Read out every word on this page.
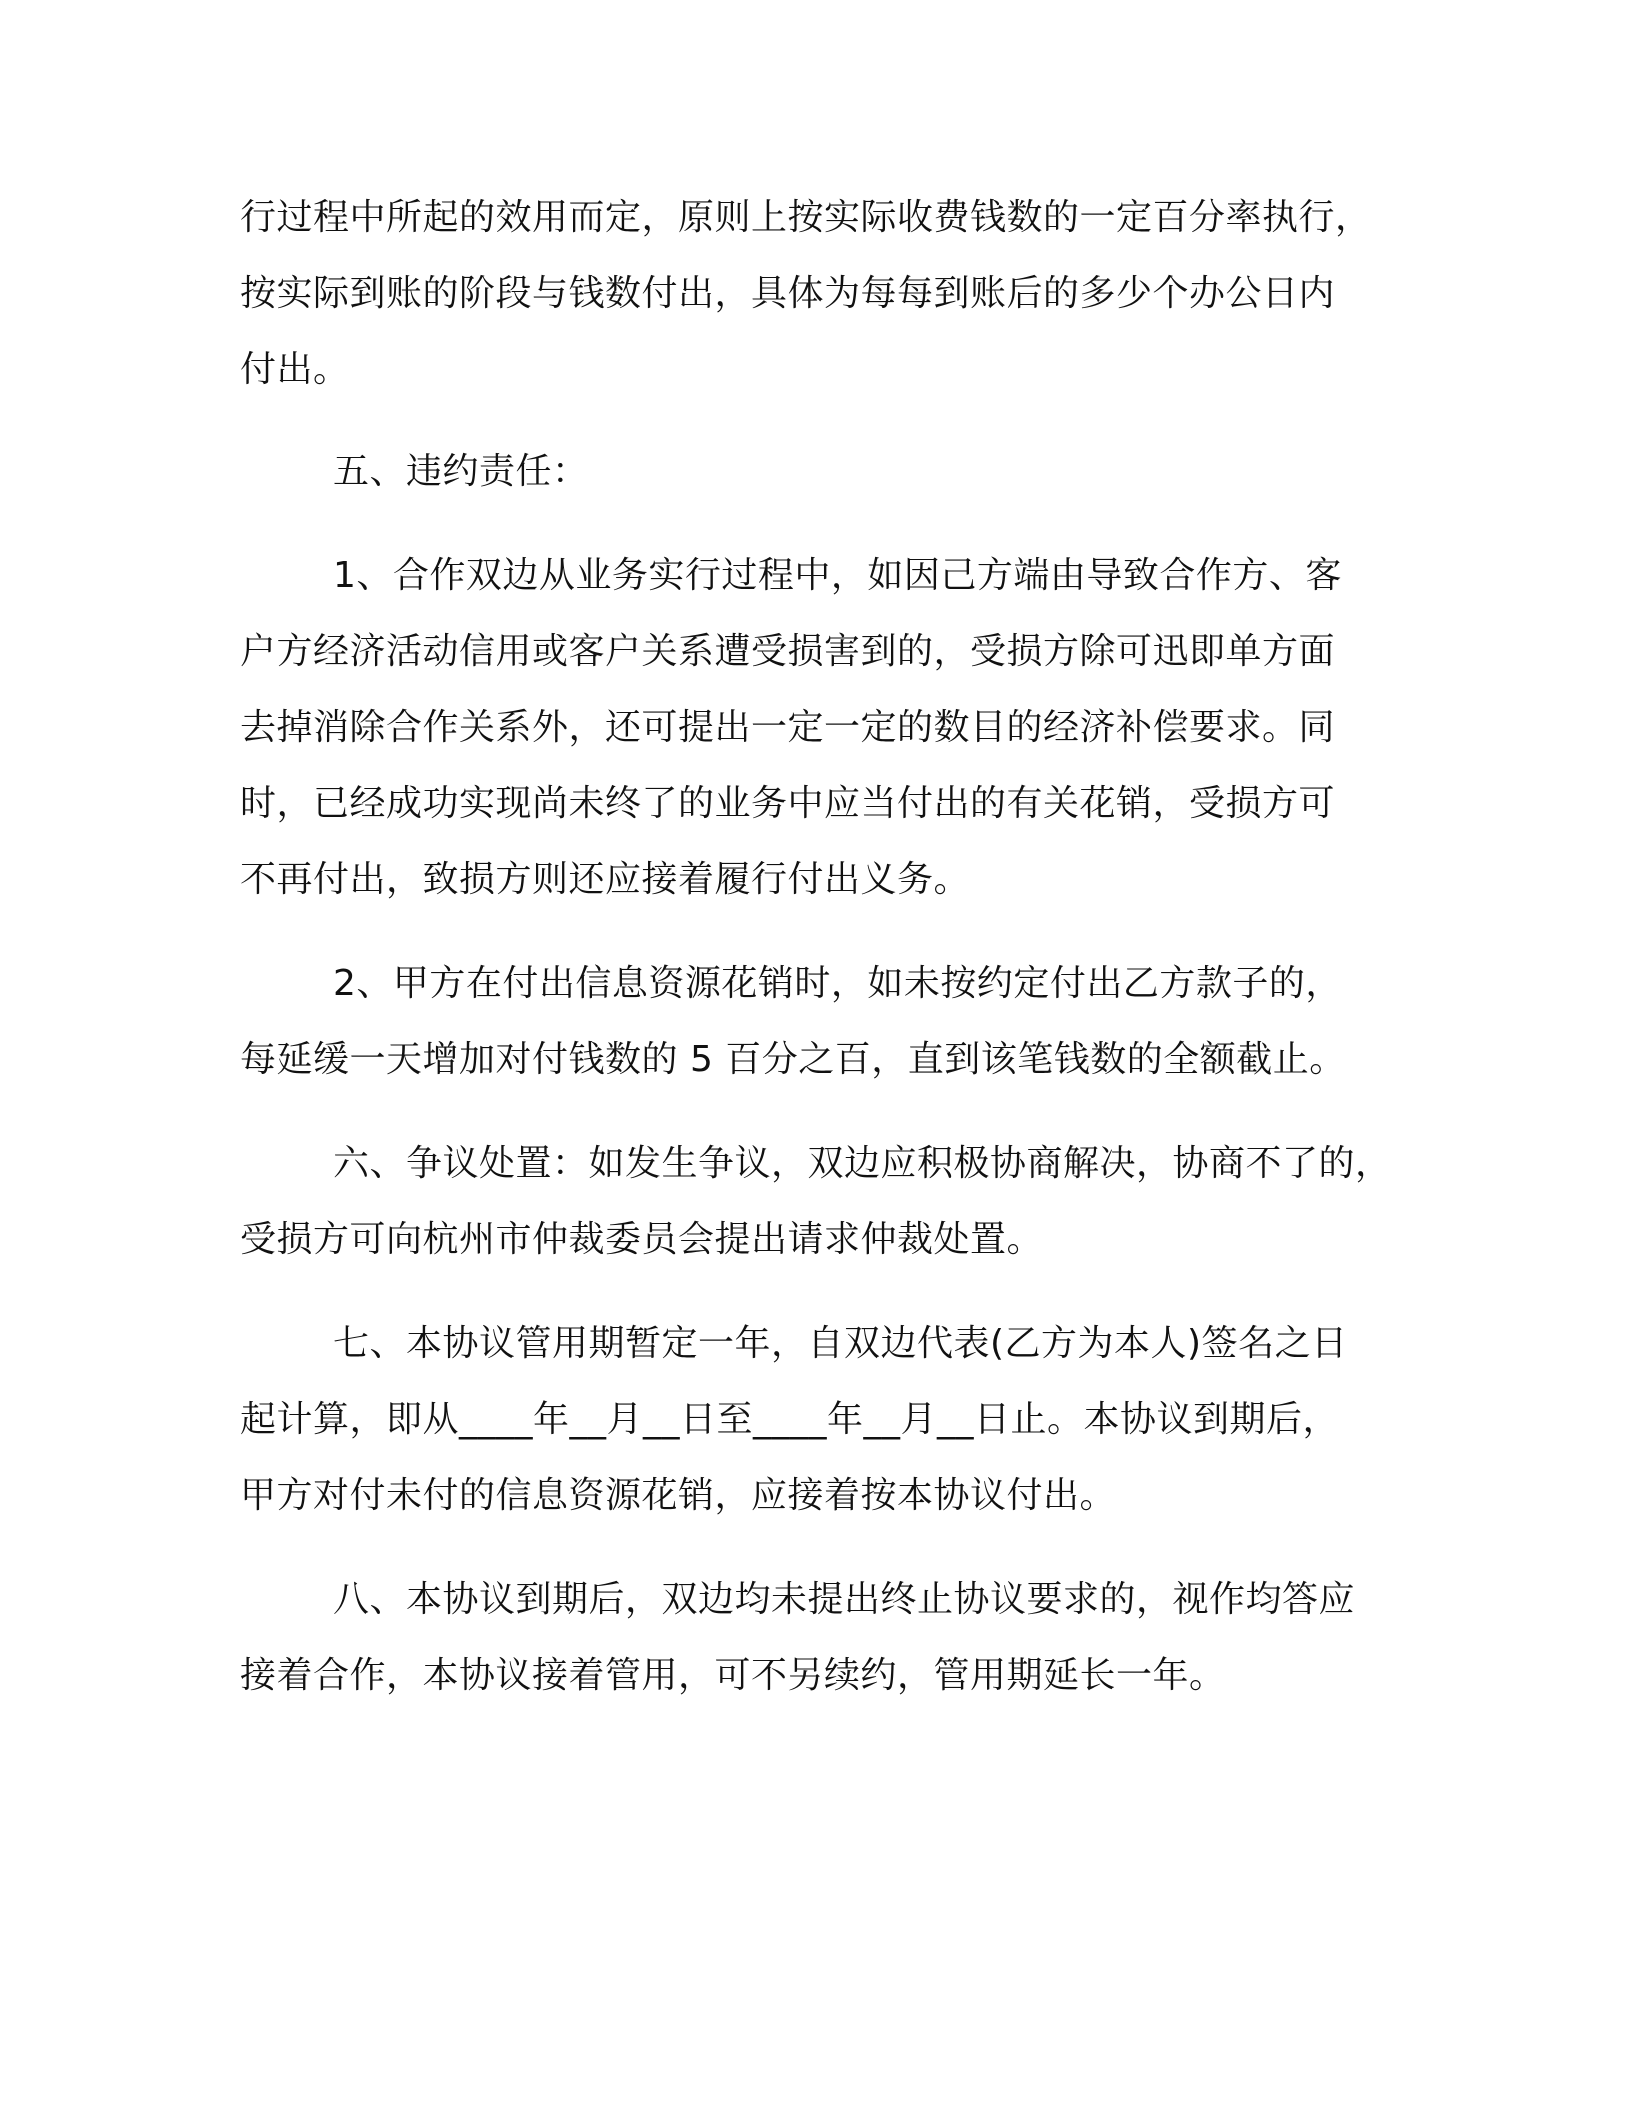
行过程中所起的效用而定，原则上按实际收费钱数的一定百分率执行，
按实际到账的阶段与钱数付出，具体为每每到账后的多少个办公日内
付出。
五、违约责任：
1、合作双边从业务实行过程中，如因己方端由导致合作方、客
户方经济活动信用或客户关系遭受损害到的，受损方除可迅即单方面
去掉消除合作关系外，还可提出一定一定的数目的经济补偿要求。同
时，已经成功实现尚未终了的业务中应当付出的有关花销，受损方可
不再付出，致损方则还应接着履行付出义务。
2、甲方在付出信息资源花销时，如未按约定付出乙方款子的，
每延缓一天增加对付钱数的 5 百分之百，直到该笔钱数的全额截止。
六、争议处置：如发生争议，双边应积极协商解决，协商不了的，
受损方可向杭州市仲裁委员会提出请求仲裁处置。
七、本协议管用期暂定一年，自双边代表(乙方为本人)签名之日
起计算，即从____年__月__日至____年__月__日止。本协议到期后，
甲方对付未付的信息资源花销，应接着按本协议付出。
八、本协议到期后，双边均未提出终止协议要求的，视作均答应
接着合作，本协议接着管用，可不另续约，管用期延长一年。
